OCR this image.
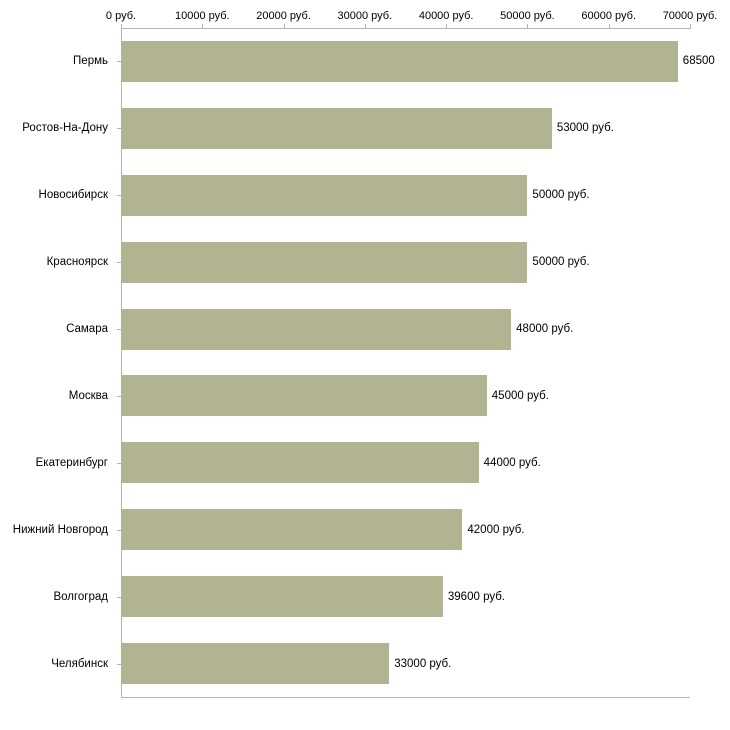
0 руб.	10000 руб. 20000 руб. 30000 руб. 40000 руб. 50000 руб. 60000 руб. 70000 руб.
Пермь
Ростов-На-Дону
Новосибирск
Красноярск
Самара
Москва
Екатеринбург
Нижний Новгород
Волгоград
Челябинск
68500
53000 руб.
50000 руб.
50000 руб.
48000 руб.
45000 руб.
44000 руб.
42000 руб.
39600 руб.
33000 руб.
